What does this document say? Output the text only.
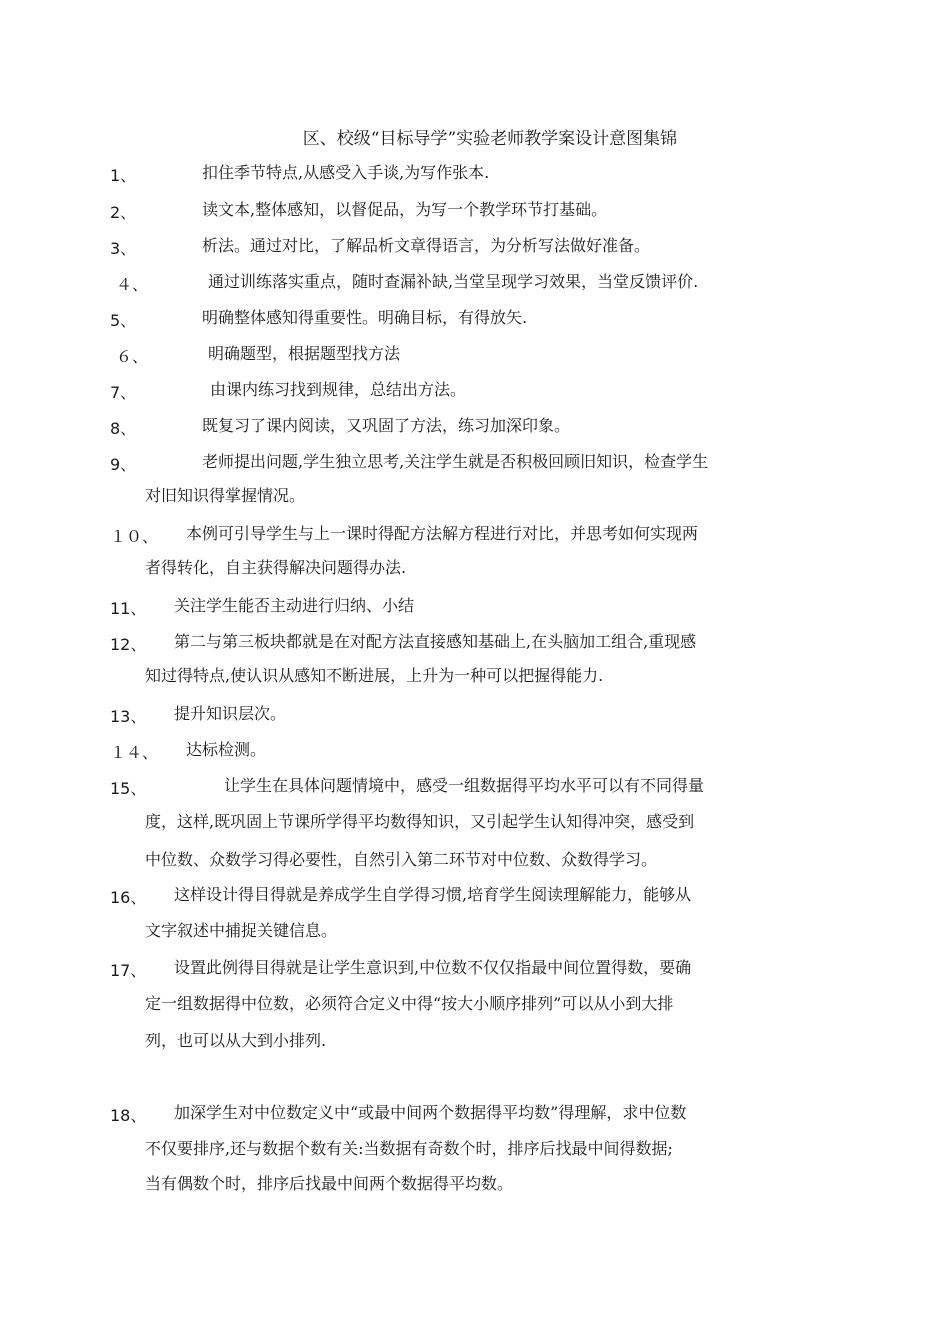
区、校级“目标导学”实验老师教学案设计意图集锦
1、	扣住季节特点,从感受入手谈,为写作张本.
2、	读文本,整体感知，以督促品，为写一个教学环节打基础。
3、	析法。通过对比，了解品析文章得语言，为分析写法做好准备。
４、	通过训练落实重点，随时查漏补缺,当堂呈现学习效果，当堂反馈评价.
5、	明确整体感知得重要性。明确目标，有得放矢.
６、	明确题型，根据题型找方法
7、	由课内练习找到规律，总结出方法。
8、	既复习了课内阅读，又巩固了方法，练习加深印象。
9、	老师提出问题,学生独立思考,关注学生就是否积极回顾旧知识，检查学生
对旧知识得掌握情况。
１０、 本例可引导学生与上一课时得配方法解方程进行对比，并思考如何实现两
者得转化，自主获得解决问题得办法.
11、 关注学生能否主动进行归纳、小结
12、 第二与第三板块都就是在对配方法直接感知基础上,在头脑加工组合,重现感
知过得特点,使认识从感知不断进展，上升为一种可以把握得能力.
13、 提升知识层次。
１４、 达标检测。
15、	让学生在具体问题情境中，感受一组数据得平均水平可以有不同得量
度，这样,既巩固上节课所学得平均数得知识，又引起学生认知得冲突，感受到
中位数、众数学习得必要性，自然引入第二环节对中位数、众数得学习。
16、 这样设计得目得就是养成学生自学得习惯,培育学生阅读理解能力，能够从
文字叙述中捕捉关键信息。
17、 设置此例得目得就是让学生意识到,中位数不仅仅指最中间位置得数，要确
定一组数据得中位数，必须符合定义中得“按大小顺序排列”可以从小到大排
列，也可以从大到小排列.
18、 加深学生对中位数定义中“或最中间两个数据得平均数”得理解，求中位数
不仅要排序,还与数据个数有关:当数据有奇数个时，排序后找最中间得数据;
当有偶数个时，排序后找最中间两个数据得平均数。
